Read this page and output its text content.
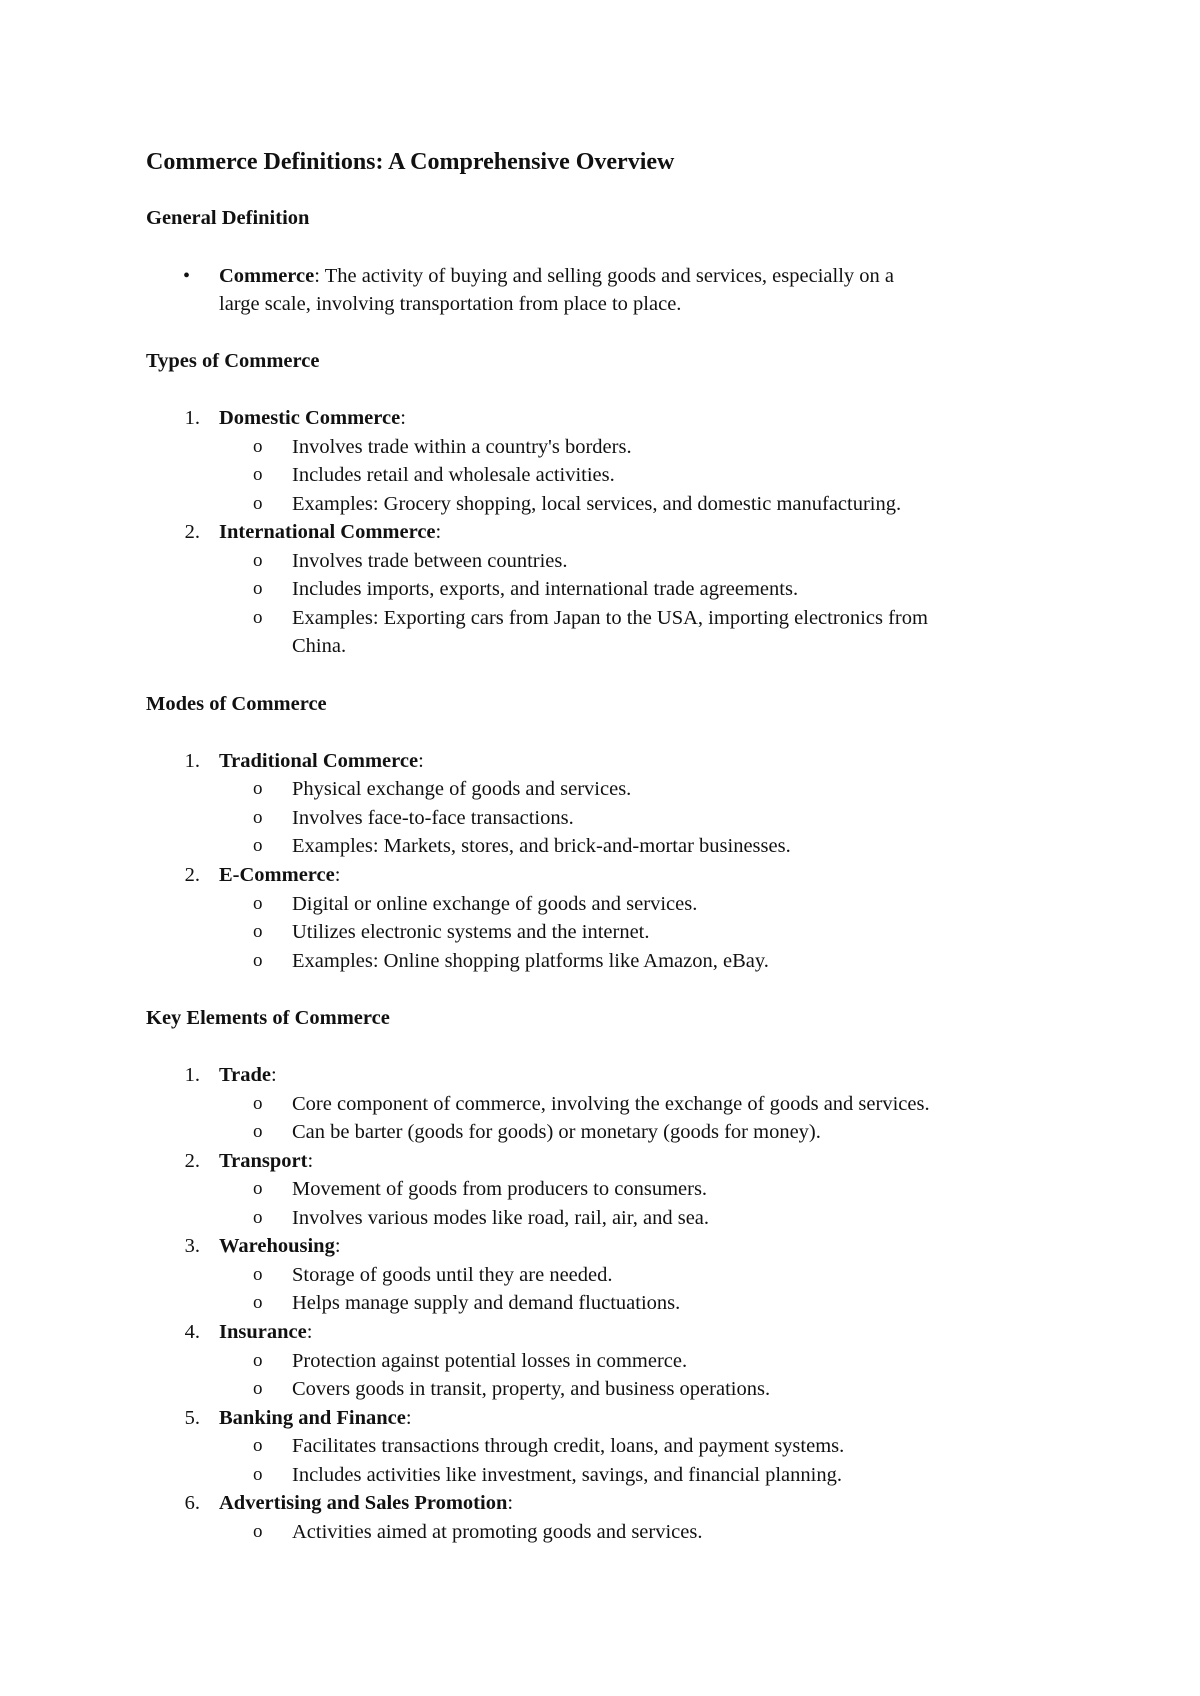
Commerce Definitions: A Comprehensive Overview
General Definition
• Commerce: The activity of buying and selling goods and services, especially on a
large scale, involving transportation from place to place.
Types of Commerce
1. Domestic Commerce:
o Involves trade within a country's borders.
o Includes retail and wholesale activities.
o Examples: Grocery shopping, local services, and domestic manufacturing.
2. International Commerce:
o Involves trade between countries.
o Includes imports, exports, and international trade agreements.
o Examples: Exporting cars from Japan to the USA, importing electronics from
China.
Modes of Commerce
1. Traditional Commerce:
o Physical exchange of goods and services.
o Involves face-to-face transactions.
o Examples: Markets, stores, and brick-and-mortar businesses.
2. E-Commerce:
o Digital or online exchange of goods and services.
o Utilizes electronic systems and the internet.
o Examples: Online shopping platforms like Amazon, eBay.
Key Elements of Commerce
1. Trade:
o Core component of commerce, involving the exchange of goods and services.
o Can be barter (goods for goods) or monetary (goods for money).
2. Transport:
o Movement of goods from producers to consumers.
o Involves various modes like road, rail, air, and sea.
3. Warehousing:
o Storage of goods until they are needed.
o Helps manage supply and demand fluctuations.
4. Insurance:
o Protection against potential losses in commerce.
o Covers goods in transit, property, and business operations.
5. Banking and Finance:
o Facilitates transactions through credit, loans, and payment systems.
o Includes activities like investment, savings, and financial planning.
6. Advertising and Sales Promotion:
o Activities aimed at promoting goods and services.
